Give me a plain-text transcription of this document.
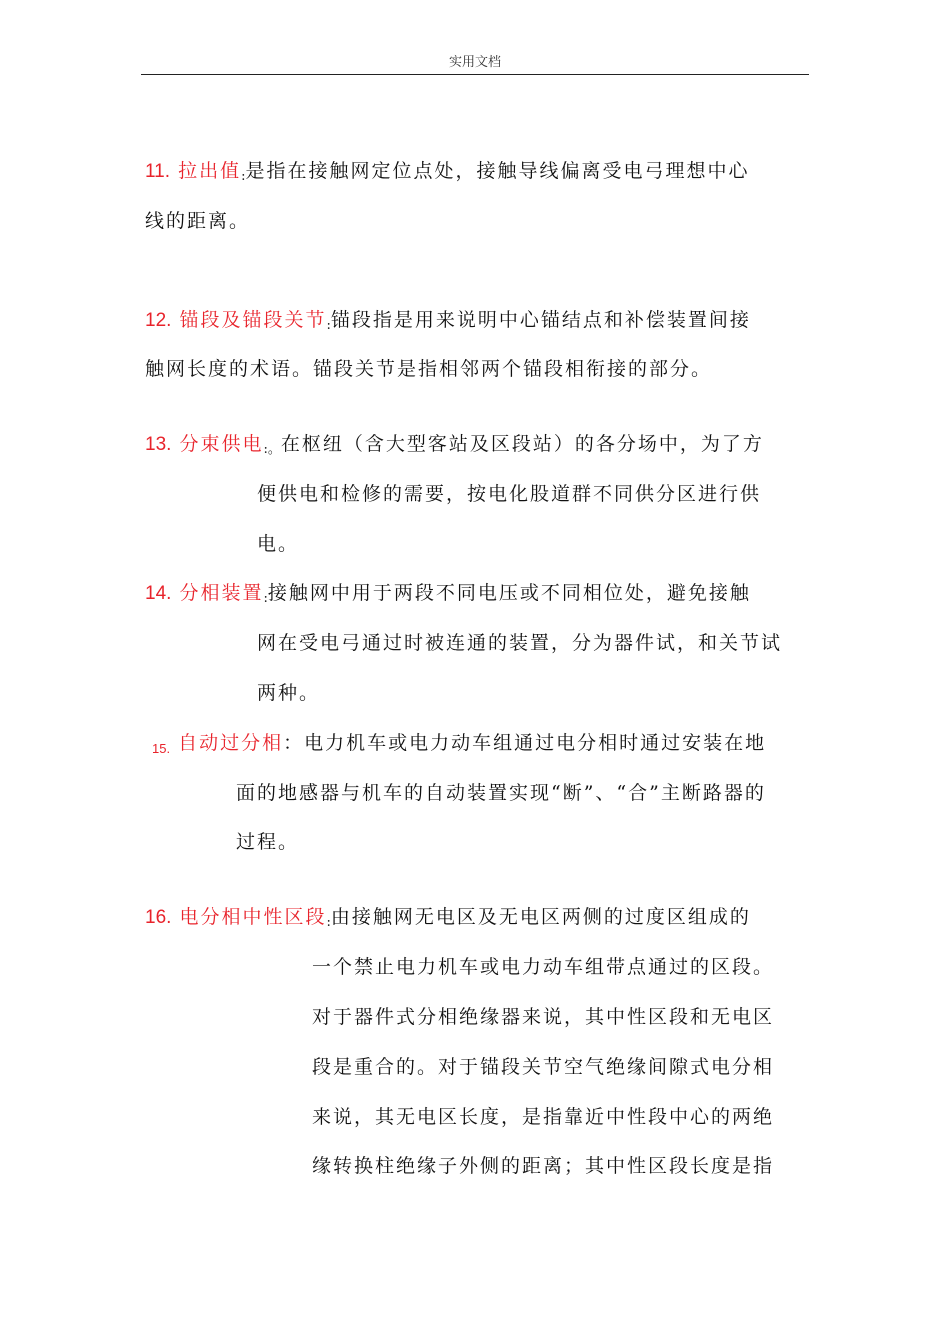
实用文档
11. 拉出值:是指在接触网定位点处，接触导线偏离受电弓理想中心
线的距离。
12. 锚段及锚段关节:锚段指是用来说明中心锚结点和补偿装置间接
触网长度的术语。锚段关节是指相邻两个锚段相衔接的部分。
13. 分束供电:。在枢纽（含大型客站及区段站）的各分场中，为了方
便供电和检修的需要，按电化股道群不同供分区进行供
电。
14. 分相装置:接触网中用于两段不同电压或不同相位处，避免接触
网在受电弓通过时被连通的装置，分为器件试，和关节试
两种。
$_{15.}$ 自动过分相：电力机车或电力动车组通过电分相时通过安装在地
面的地感器与机车的自动装置实现“断”、“合”主断路器的
过程。
16. 电分相中性区段:由接触网无电区及无电区两侧的过度区组成的
一个禁止电力机车或电力动车组带点通过的区段。
对于器件式分相绝缘器来说，其中性区段和无电区
段是重合的。对于锚段关节空气绝缘间隙式电分相
来说，其无电区长度，是指靠近中性段中心的两绝
缘转换柱绝缘子外侧的距离；其中性区段长度是指
